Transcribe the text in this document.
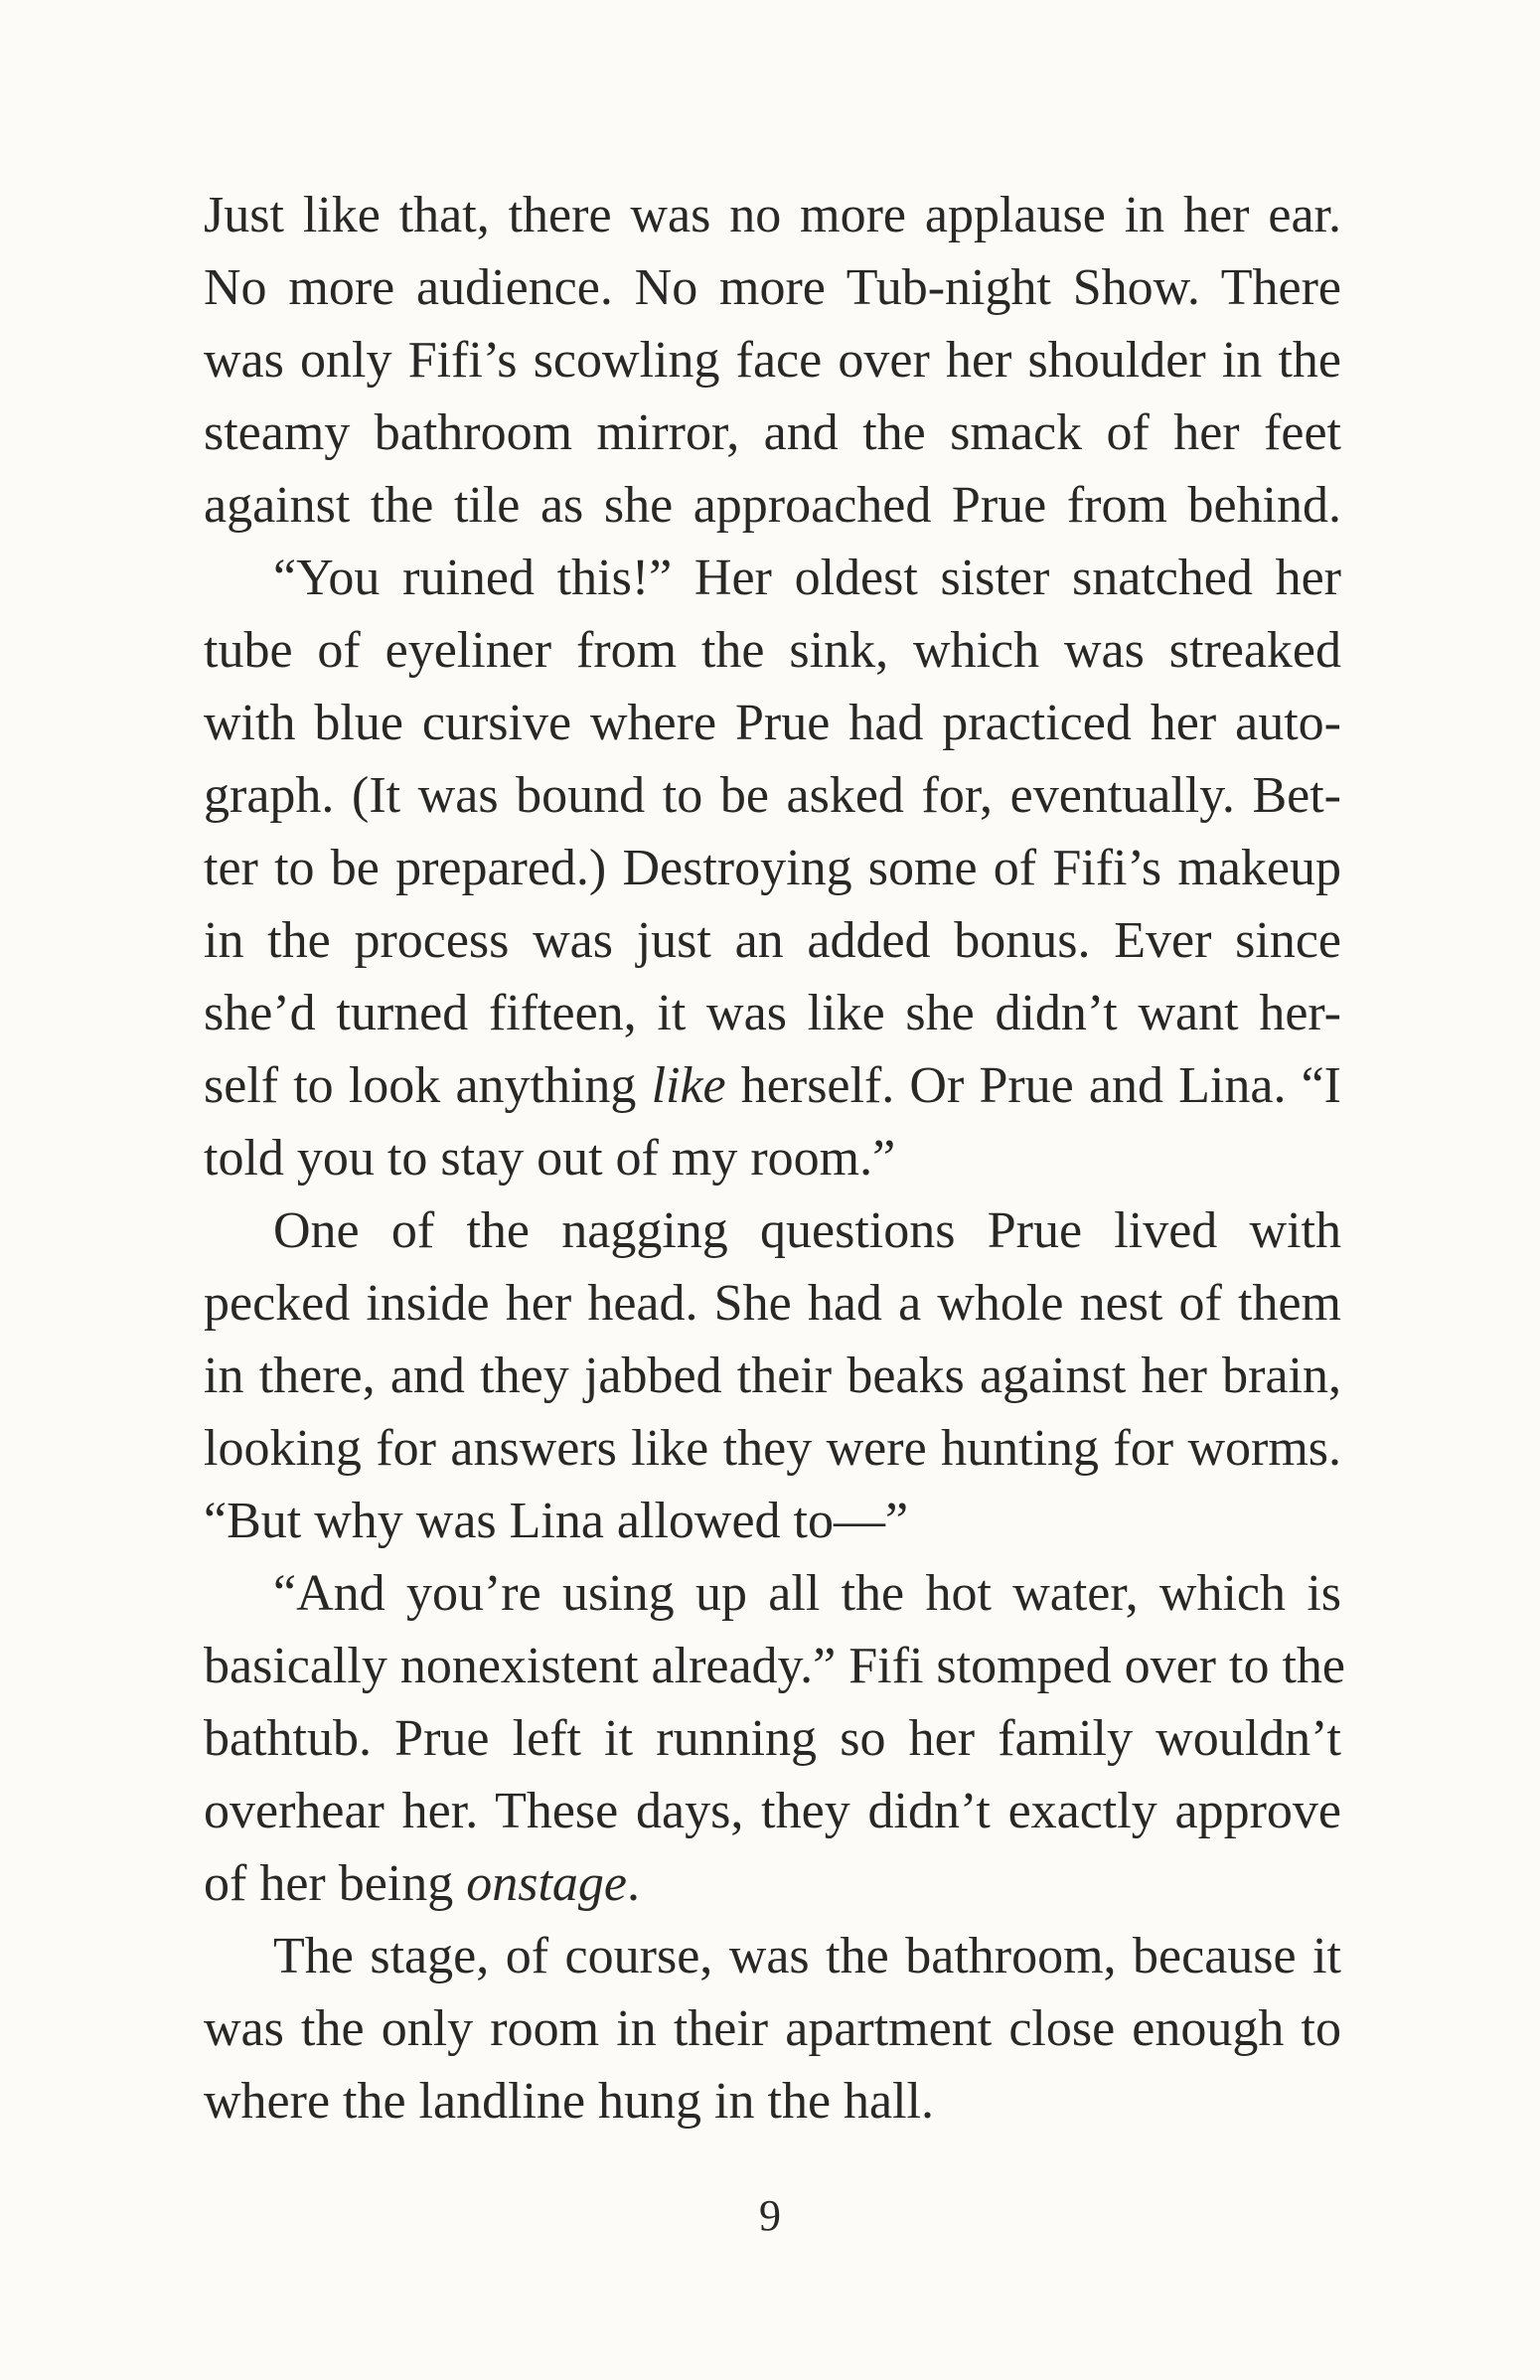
Just like that, there was no more applause in her ear.
No more audience. No more Tub-night Show. There
was only Fifi’s scowling face over her shoulder in the
steamy bathroom mirror, and the smack of her feet
against the tile as she approached Prue from behind.

“You ruined this!” Her oldest sister snatched her
tube of eyeliner from the sink, which was streaked
with blue cursive where Prue had practiced her auto-
graph. (It was bound to be asked for, eventually. Bet-
ter to be prepared.) Destroying some of Fifi’s makeup
in the process was just an added bonus. Ever since
she’d turned fifteen, it was like she didn’t want her-
self to look anything like herself. Or Prue and Lina. “I
told you to stay out of my room.”

One of the nagging questions Prue lived with
pecked inside her head. She had a whole nest of them
in there, and they jabbed their beaks against her brain,
looking for answers like they were hunting for worms.
“But why was Lina allowed to—”

“And you’re using up all the hot water, which is
basically nonexistent already.” Fifi stomped over to the
bathtub. Prue left it running so her family wouldn’t
overhear her. These days, they didn’t exactly approve
of her being onstage.

The stage, of course, was the bathroom, because it
was the only room in their apartment close enough to
where the landline hung in the hall.

9
